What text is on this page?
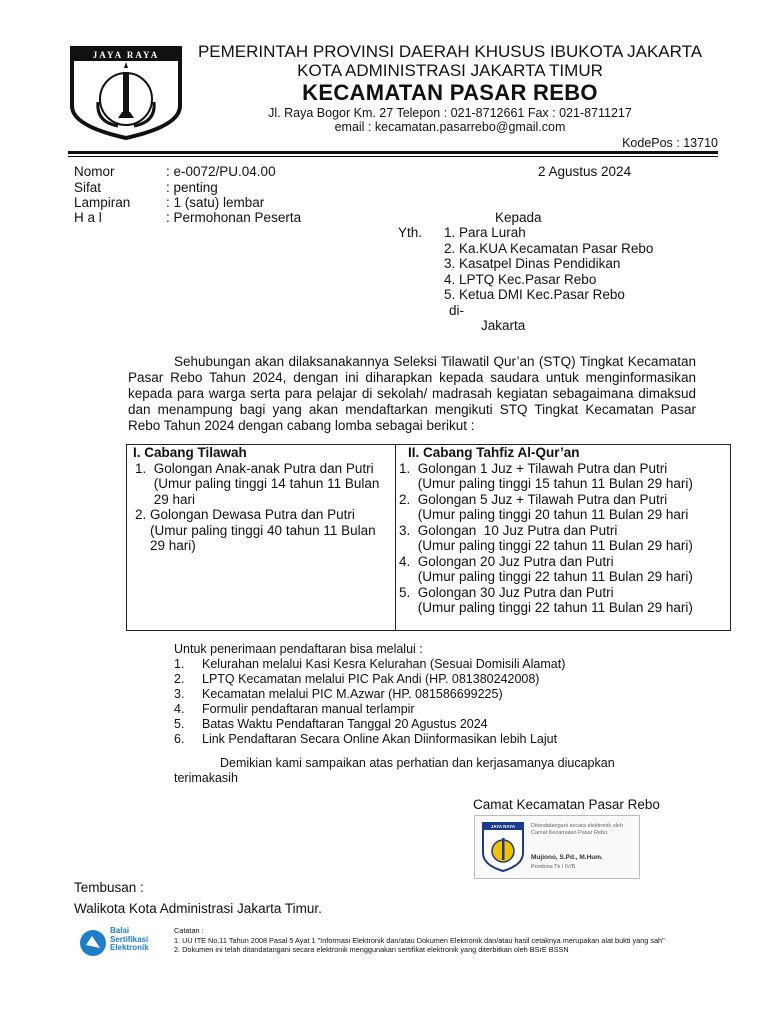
JAYA RAYA	PEMERINTAH PROVINSI DAERAH KHUSUS IBUKOTA JAKARTA
KOTA ADMINISTRASI JAKARTA TIMUR
KECAMATAN PASAR REBO
Jl. Raya Bogor Km. 27 Telepon : 021-8712661 Fax : 021-8711217
email : kecamatan.pasarrebo@gmail.com
KodePos : 13710
Nomor	: e-0072/PU.04.00
Sifat	: penting
Lampiran	: 1 (satu) lembar
H a l	: Permohonan Peserta
2 Agustus 2024
Kepada
Yth. 1. Para Lurah
2. Ka.KUA Kecamatan Pasar Rebo
3. Kasatpel Dinas Pendidikan
4. LPTQ Kec.Pasar Rebo
5. Ketua DMI Kec.Pasar Rebo
di-
Jakarta
Sehubungan akan dilaksanakannya Seleksi Tilawatil Qur’an (STQ) Tingkat Kecamatan Pasar Rebo Tahun 2024, dengan ini diharapkan kepada saudara untuk menginformasikan kepada para warga serta para pelajar di sekolah/ madrasah kegiatan sebagaimana dimaksud dan menampung bagi yang akan mendaftarkan mengikuti STQ Tingkat Kecamatan Pasar Rebo Tahun 2024 dengan cabang lomba sebagai berikut :
I. Cabang Tilawah
1.  Golongan Anak-anak Putra dan Putri
(Umur paling tinggi 14 tahun 11 Bulan
29 hari
2. Golongan Dewasa Putra dan Putri
(Umur paling tinggi 40 tahun 11 Bulan
29 hari)

II. Cabang Tahfiz Al-Qur’an
1.  Golongan 1 Juz + Tilawah Putra dan Putri
(Umur paling tinggi 15 tahun 11 Bulan 29 hari)
2.  Golongan 5 Juz + Tilawah Putra dan Putri
(Umur paling tinggi 20 tahun 11 Bulan 29 hari
3.  Golongan  10 Juz Putra dan Putri
(Umur paling tinggi 22 tahun 11 Bulan 29 hari)
4.  Golongan 20 Juz Putra dan Putri
(Umur paling tinggi 22 tahun 11 Bulan 29 hari)
5.  Golongan 30 Juz Putra dan Putri
(Umur paling tinggi 22 tahun 11 Bulan 29 hari)
Untuk penerimaan pendaftaran bisa melalui :
1. Kelurahan melalui Kasi Kesra Kelurahan (Sesuai Domisili Alamat)
2. LPTQ Kecamatan melalui PIC Pak Andi (HP. 081380242008)
3. Kecamatan melalui PIC M.Azwar (HP. 081586699225)
4. Formulir pendaftaran manual terlampir
5. Batas Waktu Pendaftaran Tanggal 20 Agustus 2024
6. Link Pendaftaran Secara Online Akan Diinformasikan lebih Lajut
Demikian kami sampaikan atas perhatian dan kerjasamanya diucapkan
terimakasih
Camat Kecamatan Pasar Rebo
JAYA RAYA	Ditandatangani secara elektronik oleh
Camat Kecamatan Pasar Rebo,
Mujiono, S.Pd., M.Hum.
Pembina Tk I IV/B
Tembusan :
Walikota Kota Administrasi Jakarta Timur.
Balai
Sertifikasi
Elektronik
Catatan :
1. UU ITE No.11 Tahun 2008 Pasal 5 Ayat 1 "Informasi Elektronik dan/atau Dokumen Elektronik dan/atau hasil cetaknya merupakan alat bukti yang sah"
2. Dokumen ini telah ditandatangani secara elektronik menggunakan sertifikat elektronik yang diterbitkan oleh BSrE BSSN
